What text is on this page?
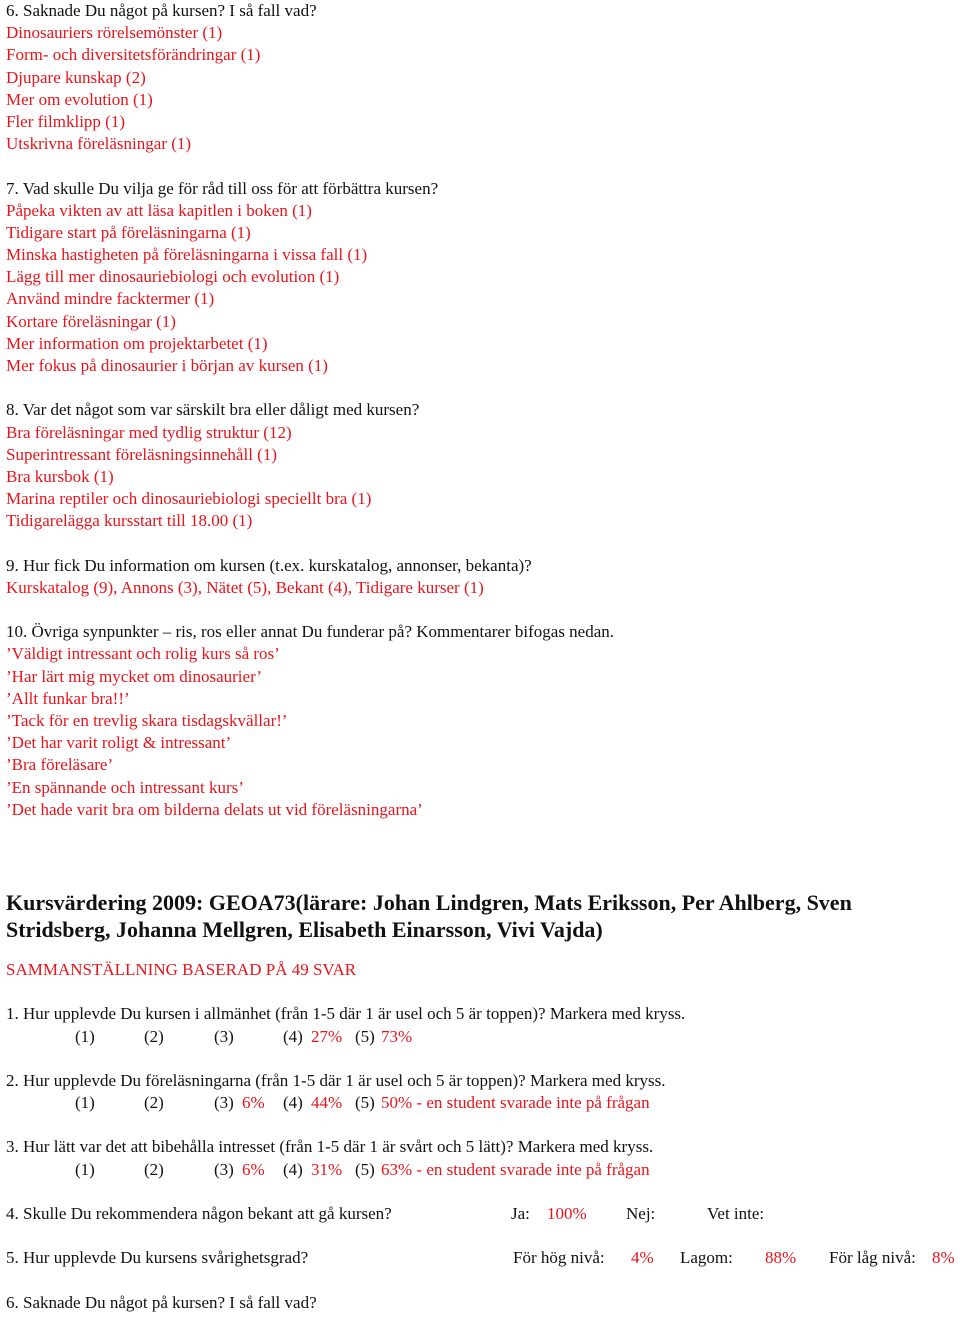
6. Saknade Du något på kursen? I så fall vad?
Dinosauriers rörelsemönster (1)
Form- och diversitetsförändringar (1)
Djupare kunskap (2)
Mer om evolution (1)
Fler filmklipp (1)
Utskrivna föreläsningar (1)
7. Vad skulle Du vilja ge för råd till oss för att förbättra kursen?
Påpeka vikten av att läsa kapitlen i boken (1)
Tidigare start på föreläsningarna (1)
Minska hastigheten på föreläsningarna i vissa fall (1)
Lägg till mer dinosauriebiologi och evolution (1)
Använd mindre facktermer (1)
Kortare föreläsningar (1)
Mer information om projektarbetet (1)
Mer fokus på dinosaurier i början av kursen (1)
8. Var det något som var särskilt bra eller dåligt med kursen?
Bra föreläsningar med tydlig struktur (12)
Superintressant föreläsningsinnehåll (1)
Bra kursbok (1)
Marina reptiler och dinosauriebiologi speciellt bra (1)
Tidigarelägga kursstart till 18.00 (1)
9. Hur fick Du information om kursen (t.ex. kurskatalog, annonser, bekanta)?
Kurskatalog (9), Annons (3), Nätet (5), Bekant (4), Tidigare kurser (1)
10. Övriga synpunkter – ris, ros eller annat Du funderar på? Kommentarer bifogas nedan.
’Väldigt intressant och rolig kurs så ros’
’Har lärt mig mycket om dinosaurier’
’Allt funkar bra!!’
’Tack för en trevlig skara tisdagskvällar!’
’Det har varit roligt & intressant’
’Bra föreläsare’
’En spännande och intressant kurs’
’Det hade varit bra om bilderna delats ut vid föreläsningarna’
Kursvärdering 2009: GEOA73(lärare: Johan Lindgren, Mats Eriksson, Per Ahlberg, Sven Stridsberg, Johanna Mellgren, Elisabeth Einarsson, Vivi Vajda)
SAMMANSTÄLLNING BASERAD PÅ 49 SVAR
1. Hur upplevde Du kursen i allmänhet (från 1-5 där 1 är usel och 5 är toppen)? Markera med kryss.
(1)	(2)	(3)	(4) 27% (5) 73%
2. Hur upplevde Du föreläsningarna (från 1-5 där 1 är usel och 5 är toppen)? Markera med kryss.
(1)	(2)	(3) 6% (4) 44% (5) 50% - en student svarade inte på frågan
3. Hur lätt var det att bibehålla intresset (från 1-5 där 1 är svårt och 5 lätt)? Markera med kryss.
(1)	(2)	(3) 6% (4) 31% (5) 63% - en student svarade inte på frågan
4. Skulle Du rekommendera någon bekant att gå kursen?	Ja: 100% Nej:	Vet inte:
5. Hur upplevde Du kursens svårighetsgrad?	För hög nivå: 4% Lagom: 88% För låg nivå: 8%
6. Saknade Du något på kursen? I så fall vad?
